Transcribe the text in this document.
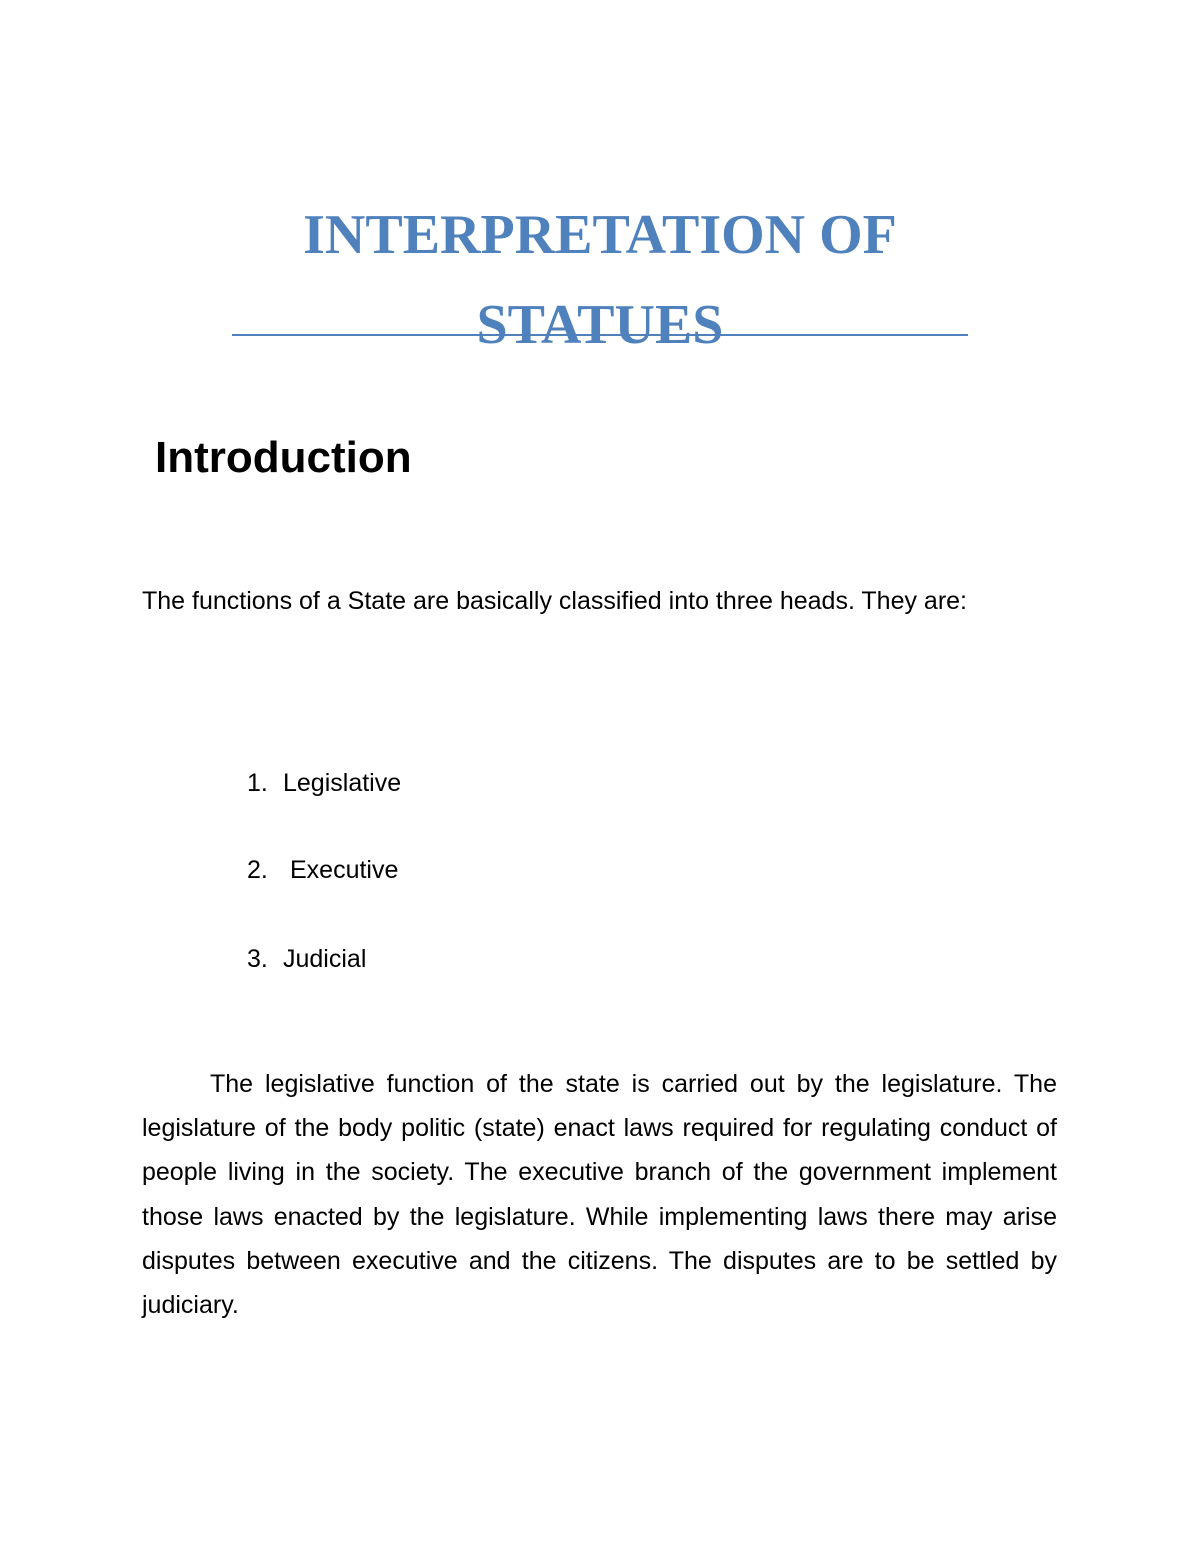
INTERPRETATION OF
STATUES
Introduction
The functions of a State are basically classified into three heads. They are:
1. Legislative
2. Executive
3. Judicial
The legislative function of the state is carried out by the legislature. The legislature of the body politic (state) enact laws required for regulating conduct of people living in the society. The executive branch of the government implement those laws enacted by the legislature. While implementing laws there may arise disputes between executive and the citizens. The disputes are to be settled by judiciary.
